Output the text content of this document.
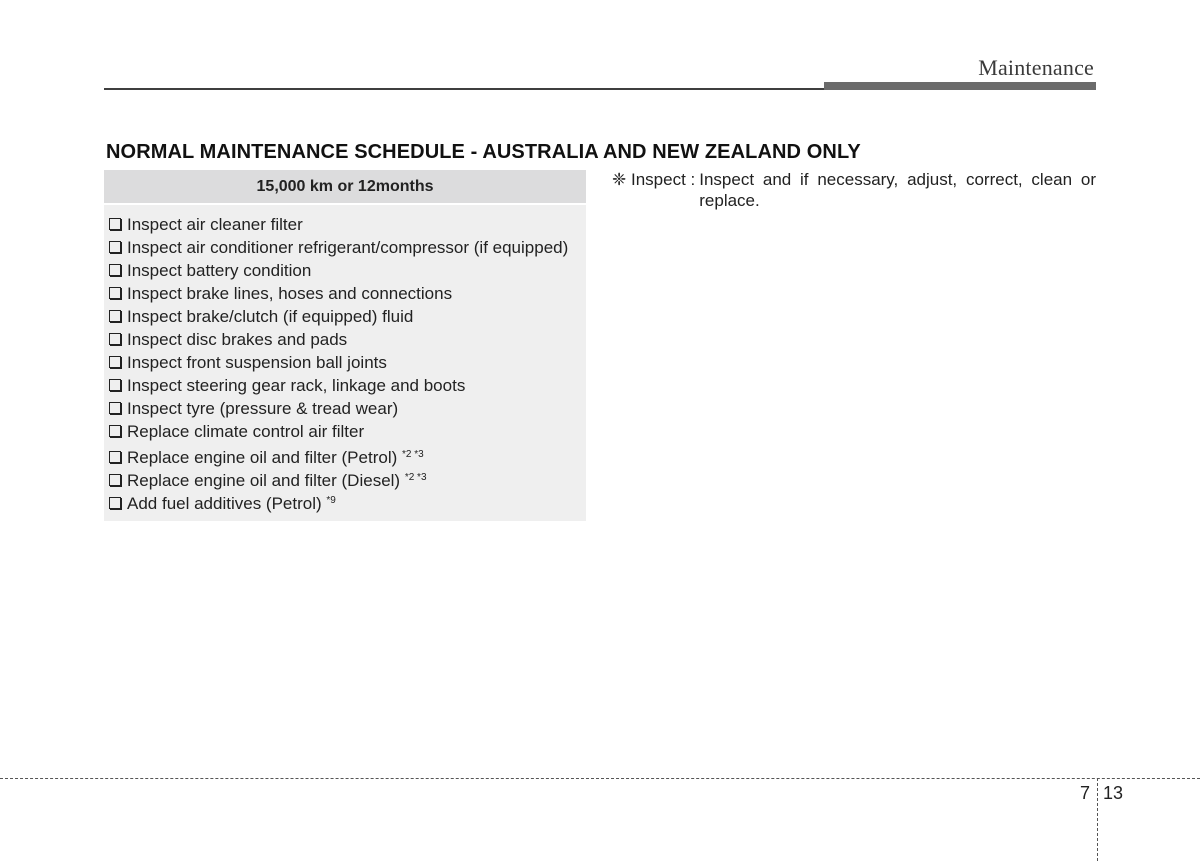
Maintenance
NORMAL MAINTENANCE SCHEDULE - AUSTRALIA AND NEW ZEALAND ONLY
15,000 km or 12months
Inspect air cleaner filter
Inspect air conditioner refrigerant/compressor (if equipped)
Inspect battery condition
Inspect brake lines, hoses and connections
Inspect brake/clutch (if equipped) fluid
Inspect disc brakes and pads
Inspect front suspension ball joints
Inspect steering gear rack, linkage and boots
Inspect tyre (pressure & tread wear)
Replace climate control air filter
Replace engine oil and filter (Petrol) $^{*2 *3}$
Replace engine oil and filter (Diesel) $^{*2 *3}$
Add fuel additives (Petrol) $^{*9}$
❈ Inspect : Inspect and if necessary, adjust, correct, clean or replace.
7 13
